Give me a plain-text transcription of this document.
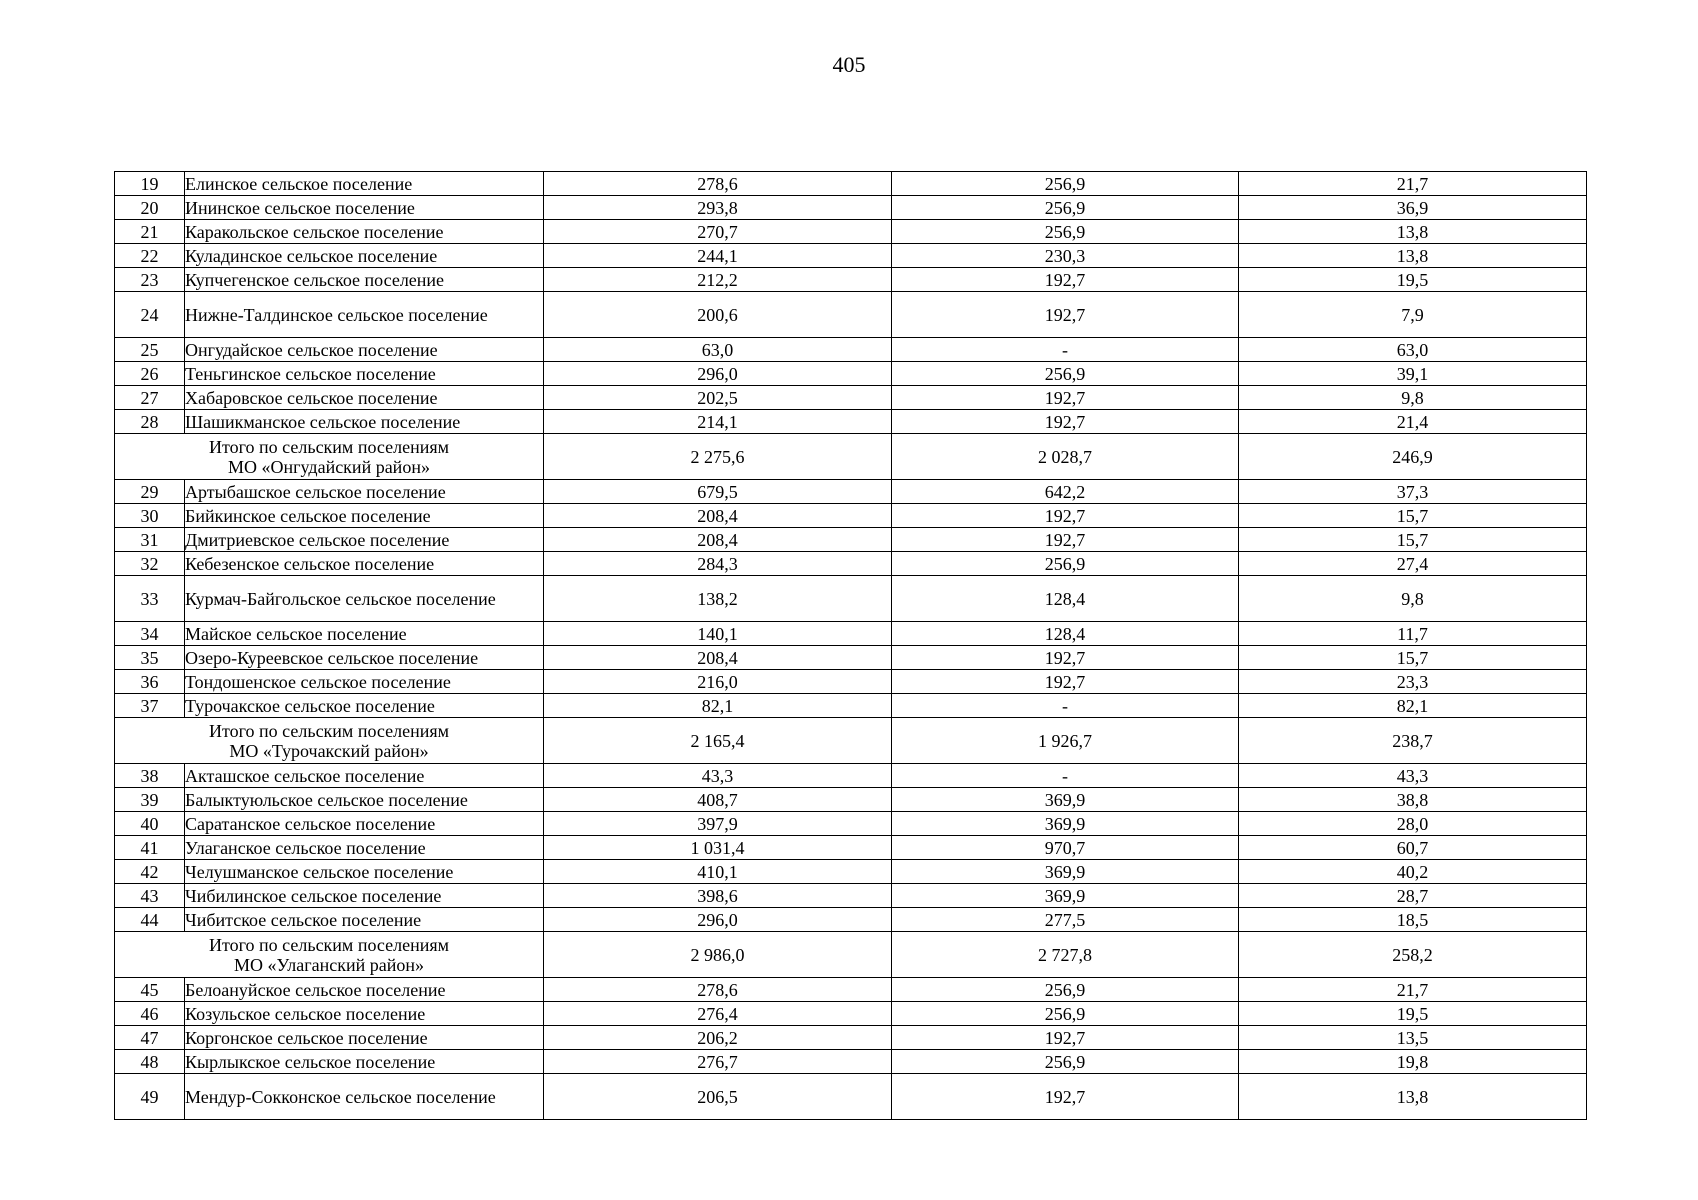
405
19	Елинское сельское поселение	278,6	256,9	21,7
20	Ининское сельское поселение	293,8	256,9	36,9
21	Каракольское сельское поселение	270,7	256,9	13,8
22	Куладинское сельское поселение	244,1	230,3	13,8
23	Купчегенское сельское поселение	212,2	192,7	19,5
24	Нижне-Талдинское сельское поселение	200,6	192,7	7,9
25	Онгудайское сельское поселение	63,0	-	63,0
26	Теньгинское сельское поселение	296,0	256,9	39,1
27	Хабаровское сельское поселение	202,5	192,7	9,8
28	Шашикманское сельское поселение	214,1	192,7	21,4

Итого по сельским поселениям
МО «Онгудайский район»		2 275,6	2 028,7	246,9
29	Артыбашское сельское поселение	679,5	642,2	37,3
30	Бийкинское сельское поселение	208,4	192,7	15,7
31	Дмитриевское сельское поселение	208,4	192,7	15,7
32	Кебезенское сельское поселение	284,3	256,9	27,4
33	Курмач-Байгольское сельское поселение	138,2	128,4	9,8
34	Майское сельское поселение	140,1	128,4	11,7
35	Озеро-Куреевское сельское поселение	208,4	192,7	15,7
36	Тондошенское сельское поселение	216,0	192,7	23,3
37	Турочакское сельское поселение	82,1	-	82,1

Итого по сельским поселениям
МО «Турочакский район»		2 165,4	1 926,7	238,7
38	Акташское сельское поселение	43,3	-	43,3
39	Балыктуюльское сельское поселение	408,7	369,9	38,8
40	Саратанское сельское поселение	397,9	369,9	28,0
41	Улаганское сельское поселение	1 031,4	970,7	60,7
42	Челушманское сельское поселение	410,1	369,9	40,2
43	Чибилинское сельское поселение	398,6	369,9	28,7
44	Чибитское сельское поселение	296,0	277,5	18,5

Итого по сельским поселениям
МО «Улаганский район»		2 986,0	2 727,8	258,2
45	Белоануйское сельское поселение	278,6	256,9	21,7
46	Козульское сельское поселение	276,4	256,9	19,5
47	Коргонское сельское поселение	206,2	192,7	13,5
48	Кырлыкское сельское поселение	276,7	256,9	19,8
49	Мендур-Сокконское сельское поселение	206,5	192,7	13,8
